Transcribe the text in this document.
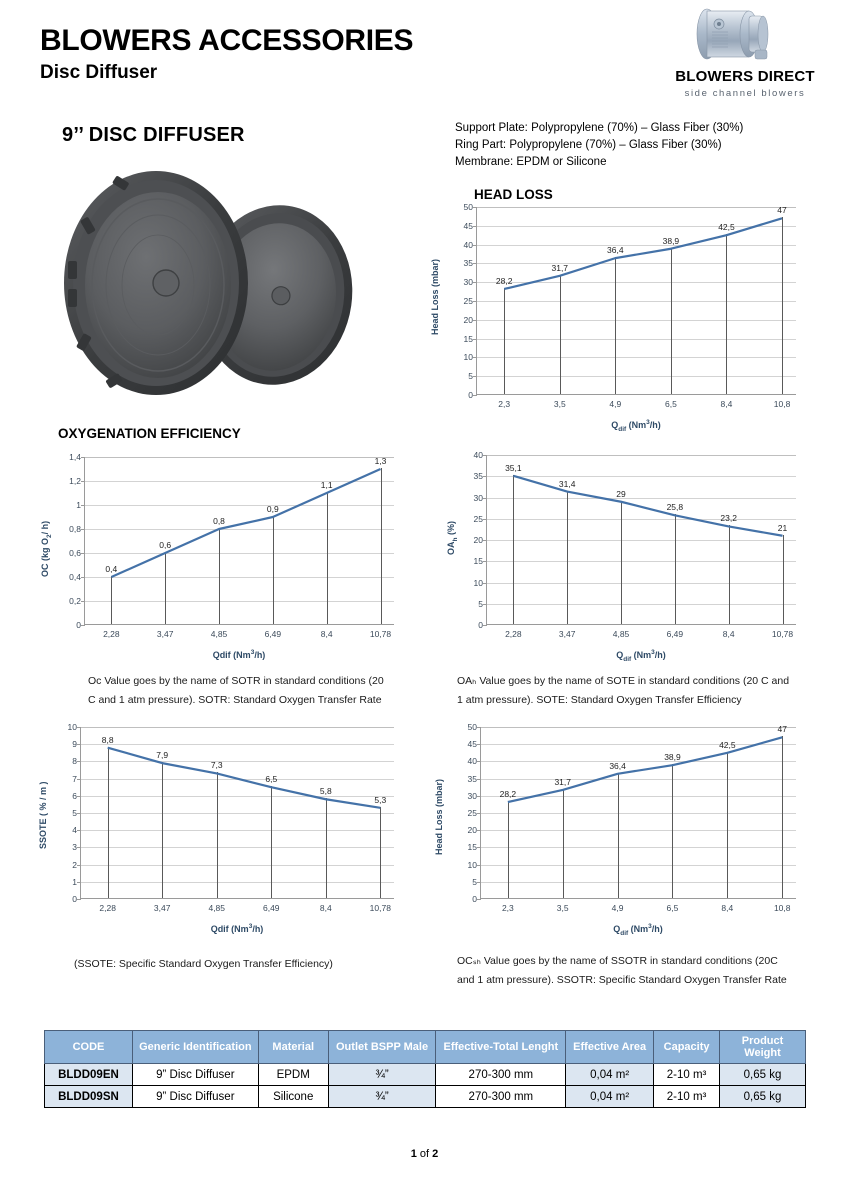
BLOWERS ACCESSORIES
Disc Diffuser	BLOWERS DIRECT
side channel blowers
9’’ DISC DIFFUSER	Support Plate: Polypropylene (70%) – Glass Fiber (30%)
Ring Part: Polypropylene (70%) – Glass Fiber (30%)
Membrane: EPDM or Silicone
HEAD LOSS
OXYGENATION EFFICIENCY
0
5
10
15
20
25
30
35
40
45
50
2,3
28,2
3,5
31,7
4,9
36,4
6,5
38,9
8,4
42,5
10,8
47
Head Loss (mbar)
$Q_{dif}$ (Nm$^3$/h)
0
0,2
0,4
0,6
0,8
1
1,2
1,4
2,28
0,4
3,47
0,6
4,85
0,8
6,49
0,9
8,4
1,1
10,78
1,3
OC (kg $O_2/$ h)
Qdif (Nm$^3$/h)
0
5
10
15
20
25
30
35
40
2,28
35,1
3,47
31,4
4,85
29
6,49
25,8
8,4
23,2
10,78
21
$OA_h$ (%)
$Q_{dif}$ (Nm$^3$/h)
0
1
2
3
4
5
6
7
8
9
10
2,28
8,8
3,47
7,9
4,85
7,3
6,49
6,5
8,4
5,8
10,78
5,3
SSOTE ( % / m )
Qdif (Nm$^3$/h)
0
5
10
15
20
25
30
35
40
45
50
2,3
28,2
3,5
31,7
4,9
36,4
6,5
38,9
8,4
42,5
10,8
47
Head Loss (mbar)
$Q_{dif}$ (Nm$^3$/h)
Oc Value goes by the name of SOTR in standard conditions (20 C and 1 atm pressure). SOTR: Standard Oxygen Transfer Rate
OAₕ Value goes by the name of SOTE in standard conditions (20 C and 1 atm pressure). SOTE: Standard Oxygen Transfer Efficiency
(SSOTE: Specific Standard Oxygen Transfer Efficiency)	OCₛₕ Value goes by the name of SSOTR in standard conditions (20C and 1 atm pressure). SSOTR: Specific Standard Oxygen Transfer Rate
CODE	Generic Identification	Material	Outlet BSPP Male	Effective-Total Lenght	Effective Area	Capacity	Product Weight
BLDD09EN	9” Disc Diffuser	EPDM	¾”	270-300 mm	0,04 m²	2-10 m³	0,65 kg
BLDD09SN	9” Disc Diffuser	Silicone	¾”	270-300 mm	0,04 m²	2-10 m³	0,65 kg
1 of 2
